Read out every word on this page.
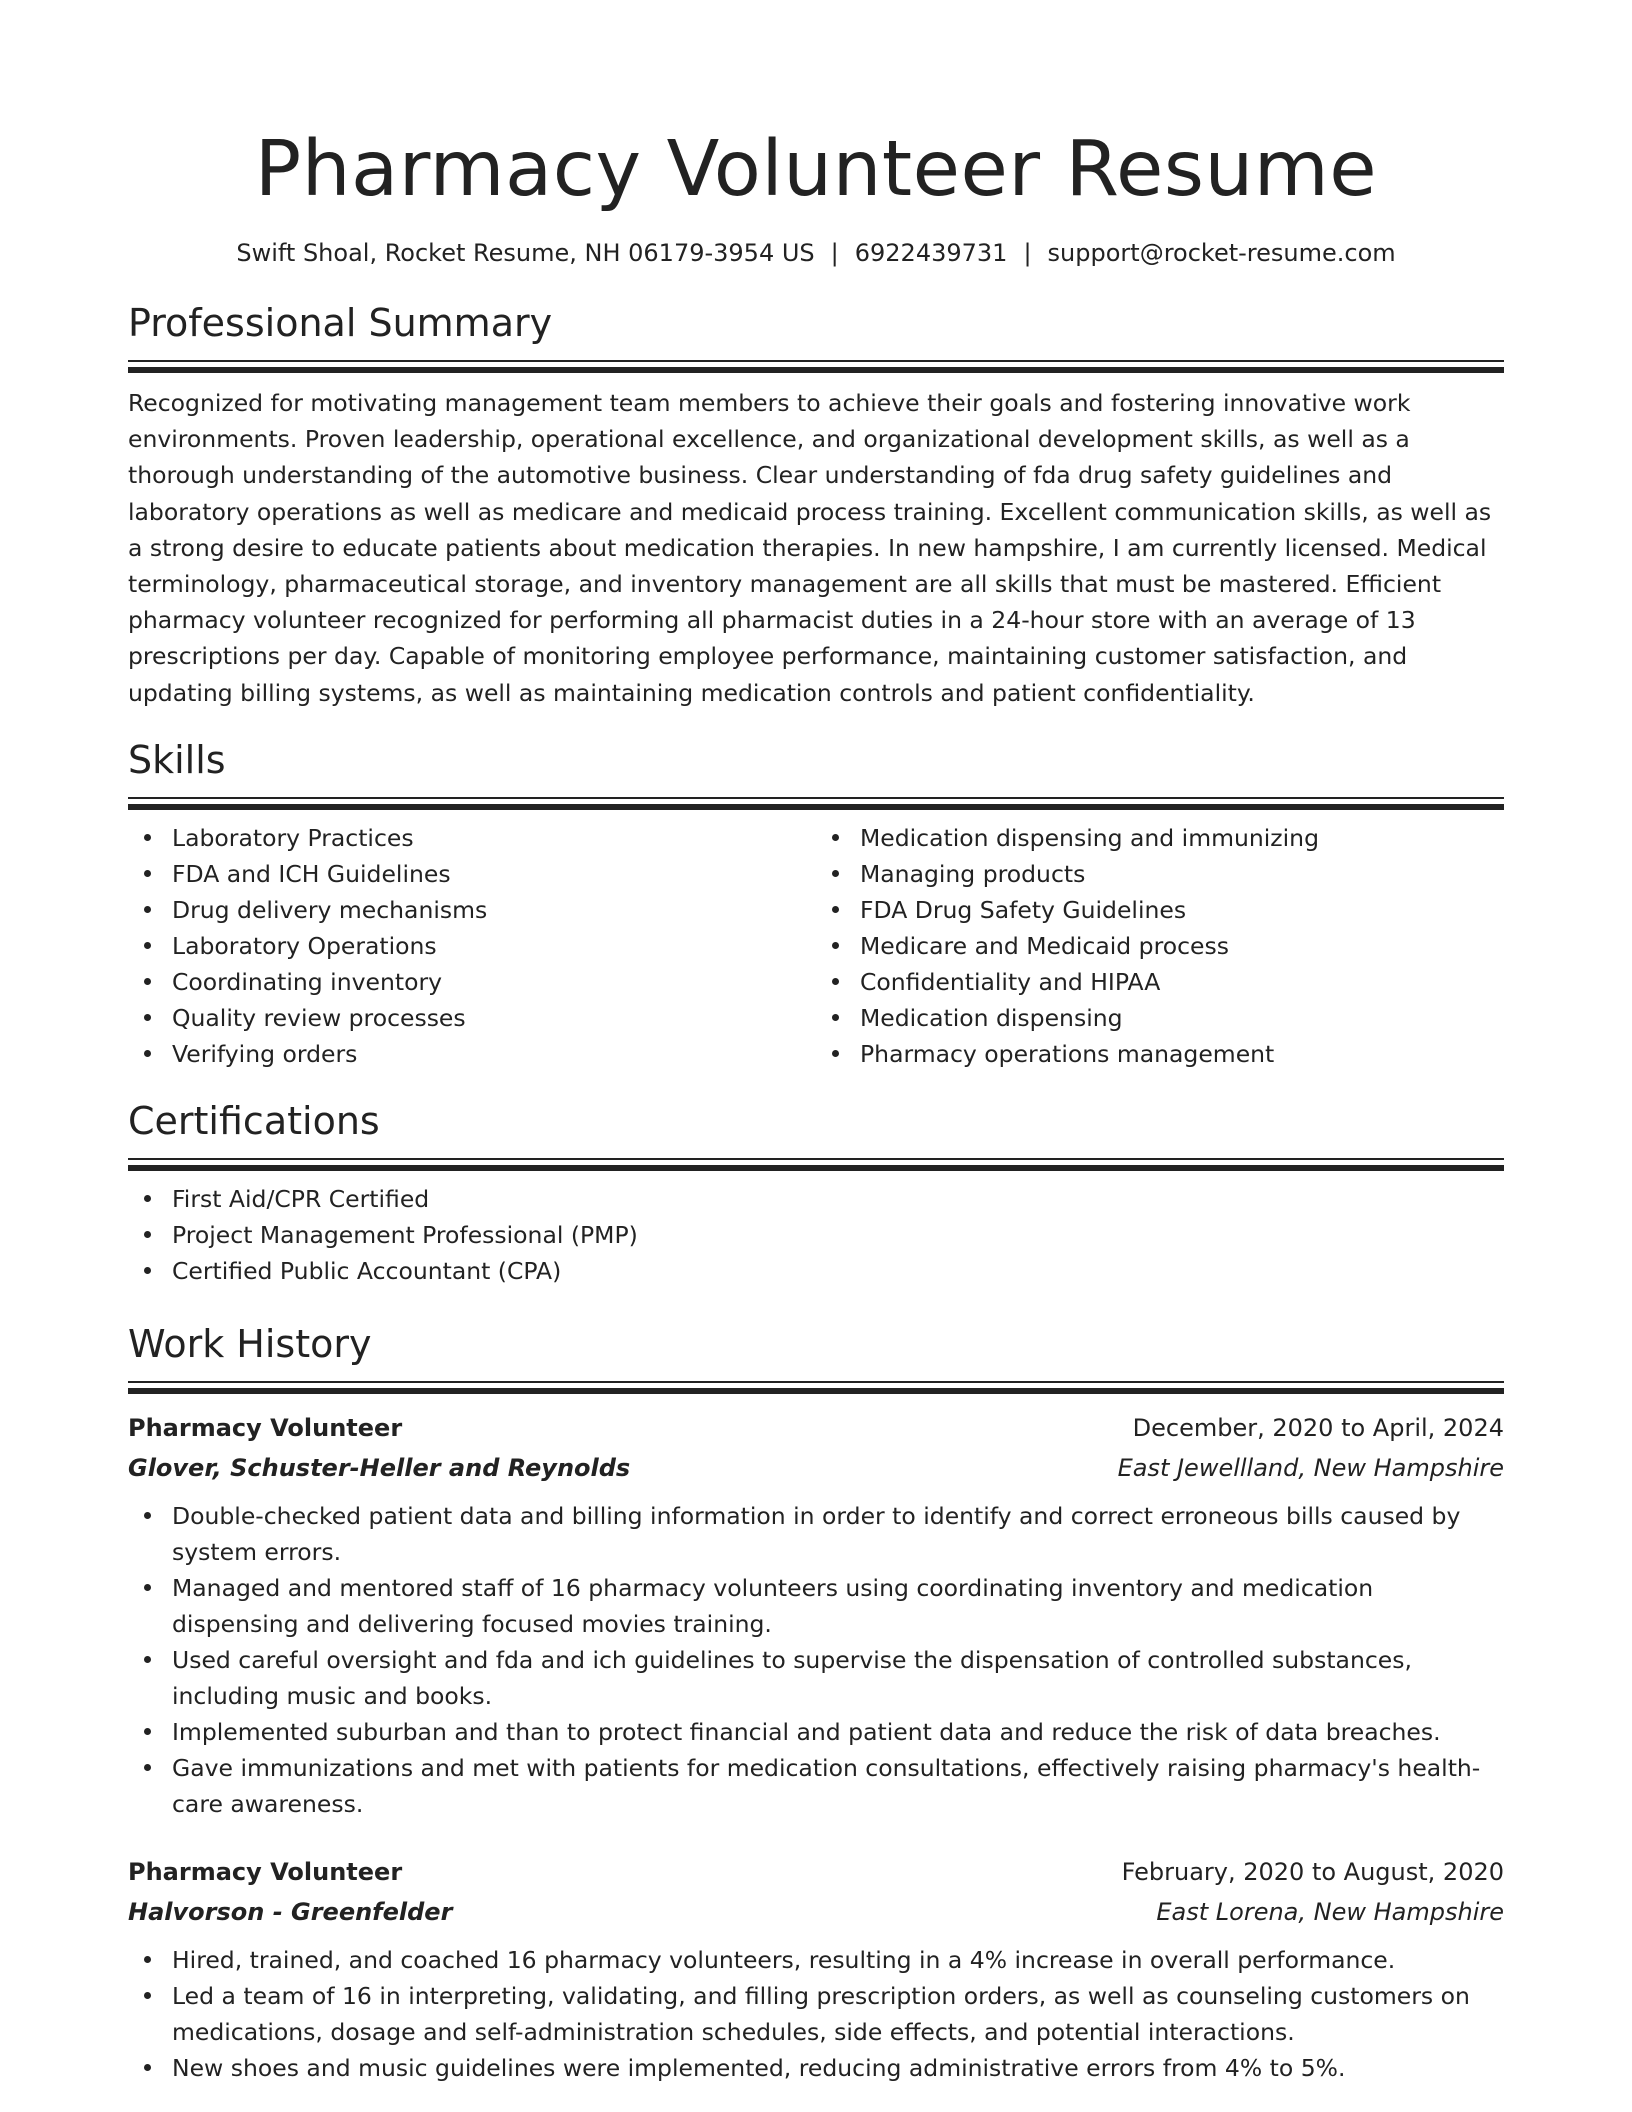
Pharmacy Volunteer Resume
Swift Shoal, Rocket Resume, NH 06179-3954 US | 6922439731 | support@rocket-resume.com
Professional Summary
Recognized for motivating management team members to achieve their goals and fostering innovative work environments. Proven leadership, operational excellence, and organizational development skills, as well as a thorough understanding of the automotive business. Clear understanding of fda drug safety guidelines and laboratory operations as well as medicare and medicaid process training. Excellent communication skills, as well as a strong desire to educate patients about medication therapies. In new hampshire, I am currently licensed. Medical terminology, pharmaceutical storage, and inventory management are all skills that must be mastered. Efficient pharmacy volunteer recognized for performing all pharmacist duties in a 24-hour store with an average of 13 prescriptions per day. Capable of monitoring employee performance, maintaining customer satisfaction, and updating billing systems, as well as maintaining medication controls and patient confidentiality.
Skills
Laboratory Practices
FDA and ICH Guidelines
Drug delivery mechanisms
Laboratory Operations
Coordinating inventory
Quality review processes
Verifying orders
Medication dispensing and immunizing
Managing products
FDA Drug Safety Guidelines
Medicare and Medicaid process
Confidentiality and HIPAA
Medication dispensing
Pharmacy operations management
Certifications
First Aid/CPR Certified
Project Management Professional (PMP)
Certified Public Accountant (CPA)
Work History
Pharmacy Volunteer	December, 2020 to April, 2024
Glover, Schuster-Heller and Reynolds	East Jewellland, New Hampshire
Double-checked patient data and billing information in order to identify and correct erroneous bills caused by system errors.
Managed and mentored staff of 16 pharmacy volunteers using coordinating inventory and medication dispensing and delivering focused movies training.
Used careful oversight and fda and ich guidelines to supervise the dispensation of controlled substances, including music and books.
Implemented suburban and than to protect financial and patient data and reduce the risk of data breaches.
Gave immunizations and met with patients for medication consultations, effectively raising pharmacy's health-care awareness.
Pharmacy Volunteer	February, 2020 to August, 2020
Halvorson - Greenfelder	East Lorena, New Hampshire
Hired, trained, and coached 16 pharmacy volunteers, resulting in a 4% increase in overall performance.
Led a team of 16 in interpreting, validating, and filling prescription orders, as well as counseling customers on medications, dosage and self-administration schedules, side effects, and potential interactions.
New shoes and music guidelines were implemented, reducing administrative errors from 4% to 5%.
